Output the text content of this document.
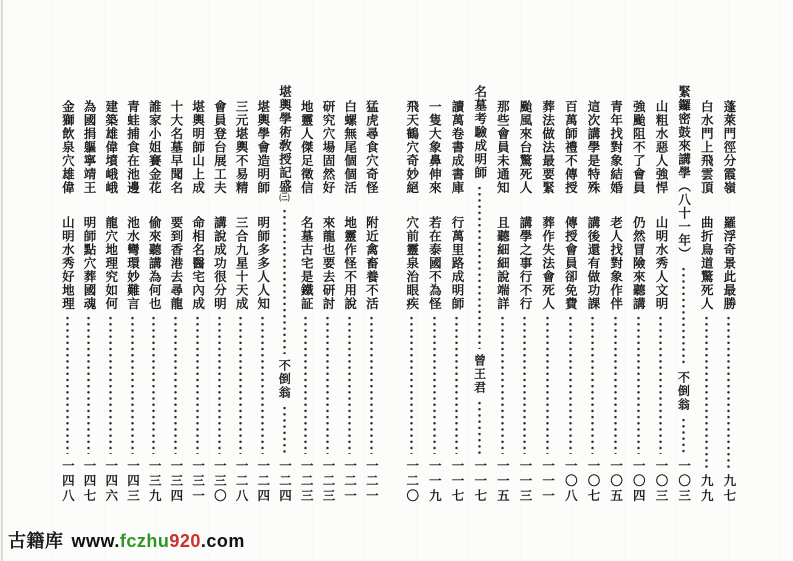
蓬萊門徑分霞嶺
羅浮奇景此最勝
九七
白水門上飛雲頂
曲折鳥道驚死人
九九
緊鑼密鼓來講學（八十一年）
不倒翁
一〇三
山粗水惡人強悍
山明水秀人文明
一〇三
強颱阻不了會員
仍然冒險來聽講
一〇四
青年找對象結婚
老人找對象作伴
一〇五
這次講學是特殊
講後還有做功課
一〇七
百萬師禮不傳授
傳授會員卻免費
一〇八
葬法做法最要緊
葬作失法會死人
一一一
颱風來台驚死人
講學之事行不行
一一三
那些會員未通知
且聽細細說端詳
一一五
名墓考驗成明師
曾王君
一一七
讀萬卷書成書庫
行萬里路成明師
一一七
一隻大象鼻伸來
若在泰國不為怪
一一九
飛天鶴穴奇妙絕
穴前靈泉治眼疾
一二〇
猛虎尋食穴奇怪
附近禽畜養不活
一二一
白螺無尾個個活
地靈作怪不用說
一二一
研究穴場固然好
來龍也要去研討
一二三
地靈人傑足徵信
名墓古宅是鐵証
一二三
堪輿學術敎授記盛(三)
不倒翁
一二四
堪輿學會造明師
明師多多人人知
一二四
三元堪輿不易精
三合九星十天成
一二八
會員登台展工夫
講說成功很分明
一三〇
堪輿明師山上成
命相名醫宅內成
一三一
十大名墓早聞名
要到香港去尋龍
一三四
誰家小姐賽金花
偷來聽講為何也
一三九
青蛙捕食在池邊
池水彎環妙難言
一四三
建築雄偉墳峨峨
龍穴地理究如何
一四六
為國捐軀寧靖王
明師點穴葬國魂
一四七
金獅飲泉穴雄偉
山明水秀好地理
一四八
古籍库 www.fczhu920.com
